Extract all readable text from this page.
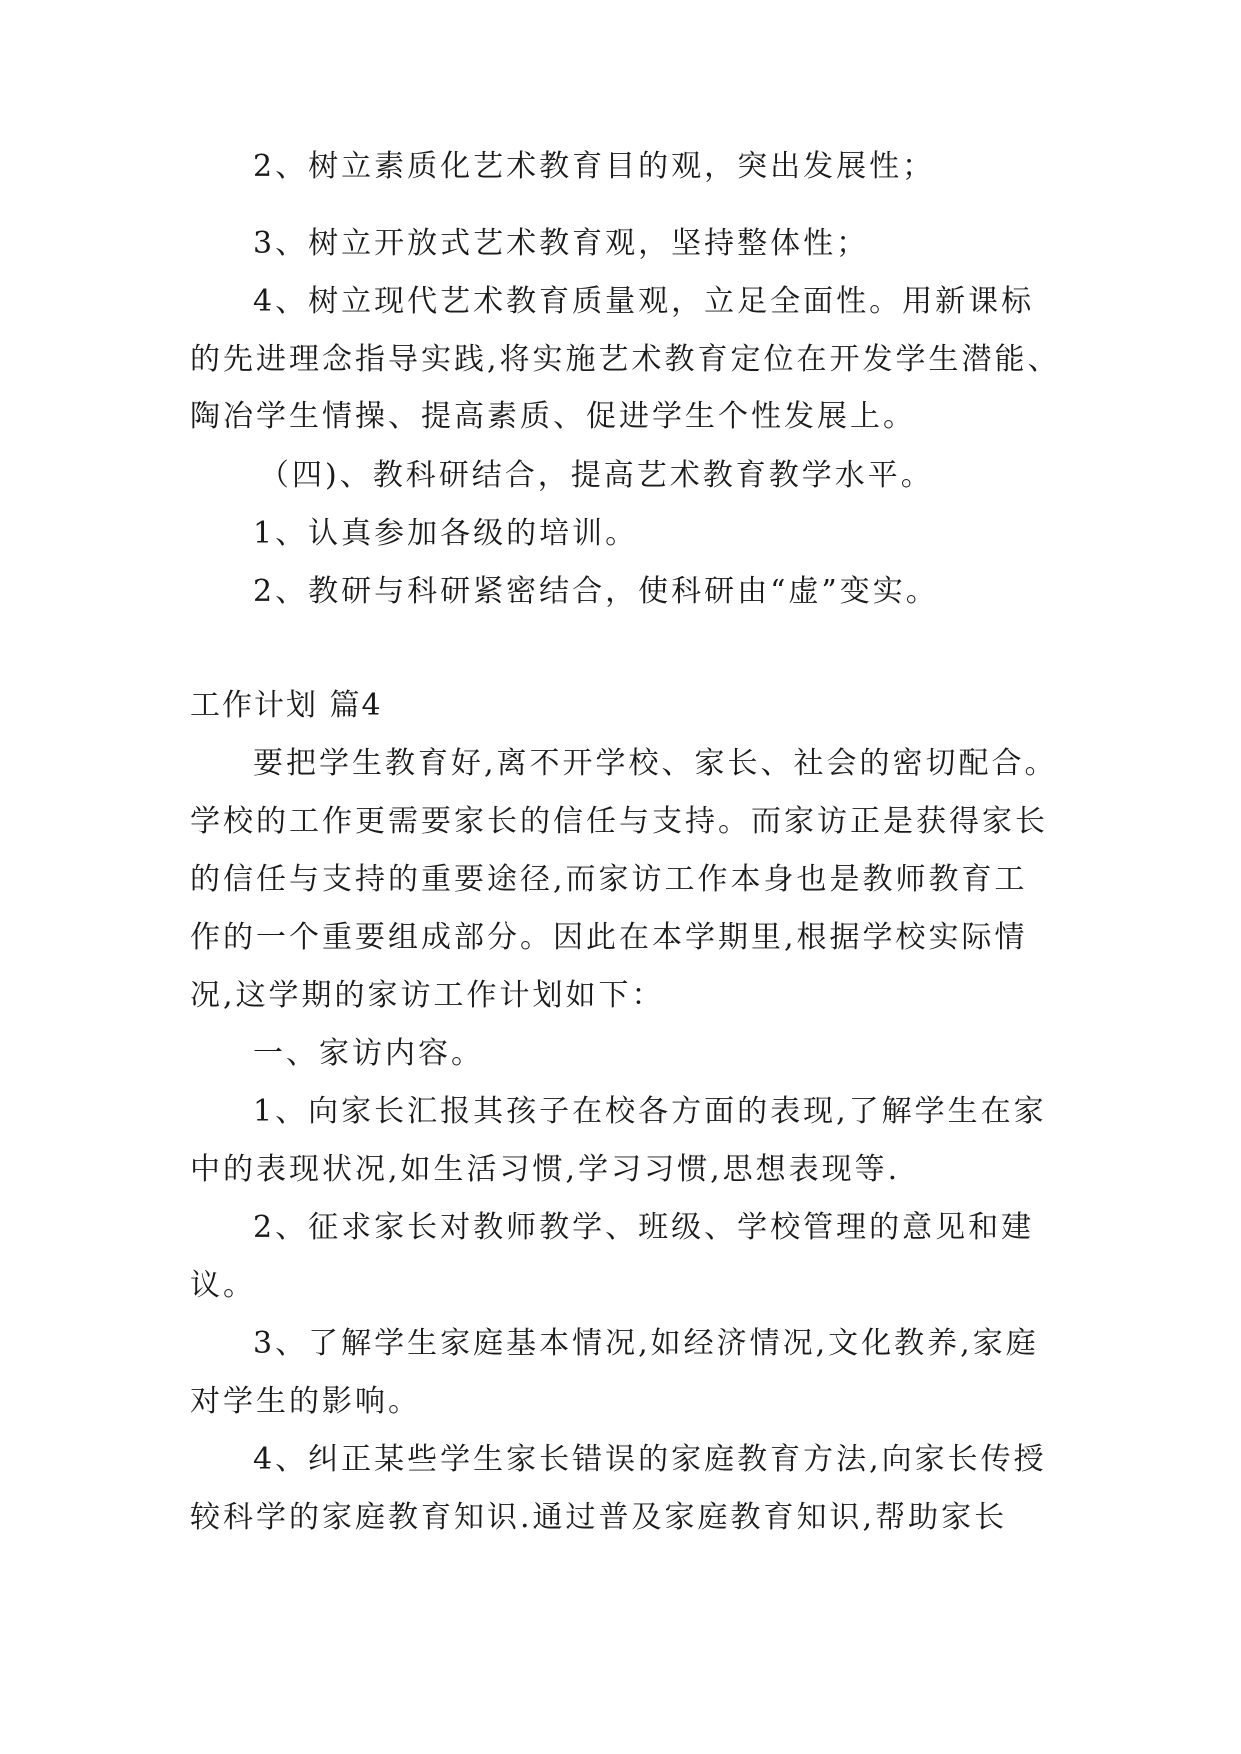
2、树立素质化艺术教育目的观，突出发展性；
3、树立开放式艺术教育观，坚持整体性；
4、树立现代艺术教育质量观，立足全面性。用新课标
的先进理念指导实践,将实施艺术教育定位在开发学生潜能、
陶冶学生情操、提高素质、促进学生个性发展上。
（四)、教科研结合，提高艺术教育教学水平。
1、认真参加各级的培训。
2、教研与科研紧密结合，使科研由“虚”变实。
工作计划 篇4
要把学生教育好,离不开学校、家长、社会的密切配合。
学校的工作更需要家长的信任与支持。而家访正是获得家长
的信任与支持的重要途径,而家访工作本身也是教师教育工
作的一个重要组成部分。因此在本学期里,根据学校实际情
况,这学期的家访工作计划如下：
一、家访内容。
1、向家长汇报其孩子在校各方面的表现,了解学生在家
中的表现状况,如生活习惯,学习习惯,思想表现等.
2、征求家长对教师教学、班级、学校管理的意见和建
议。
3、了解学生家庭基本情况,如经济情况,文化教养,家庭
对学生的影响。
4、纠正某些学生家长错误的家庭教育方法,向家长传授
较科学的家庭教育知识.通过普及家庭教育知识,帮助家长
